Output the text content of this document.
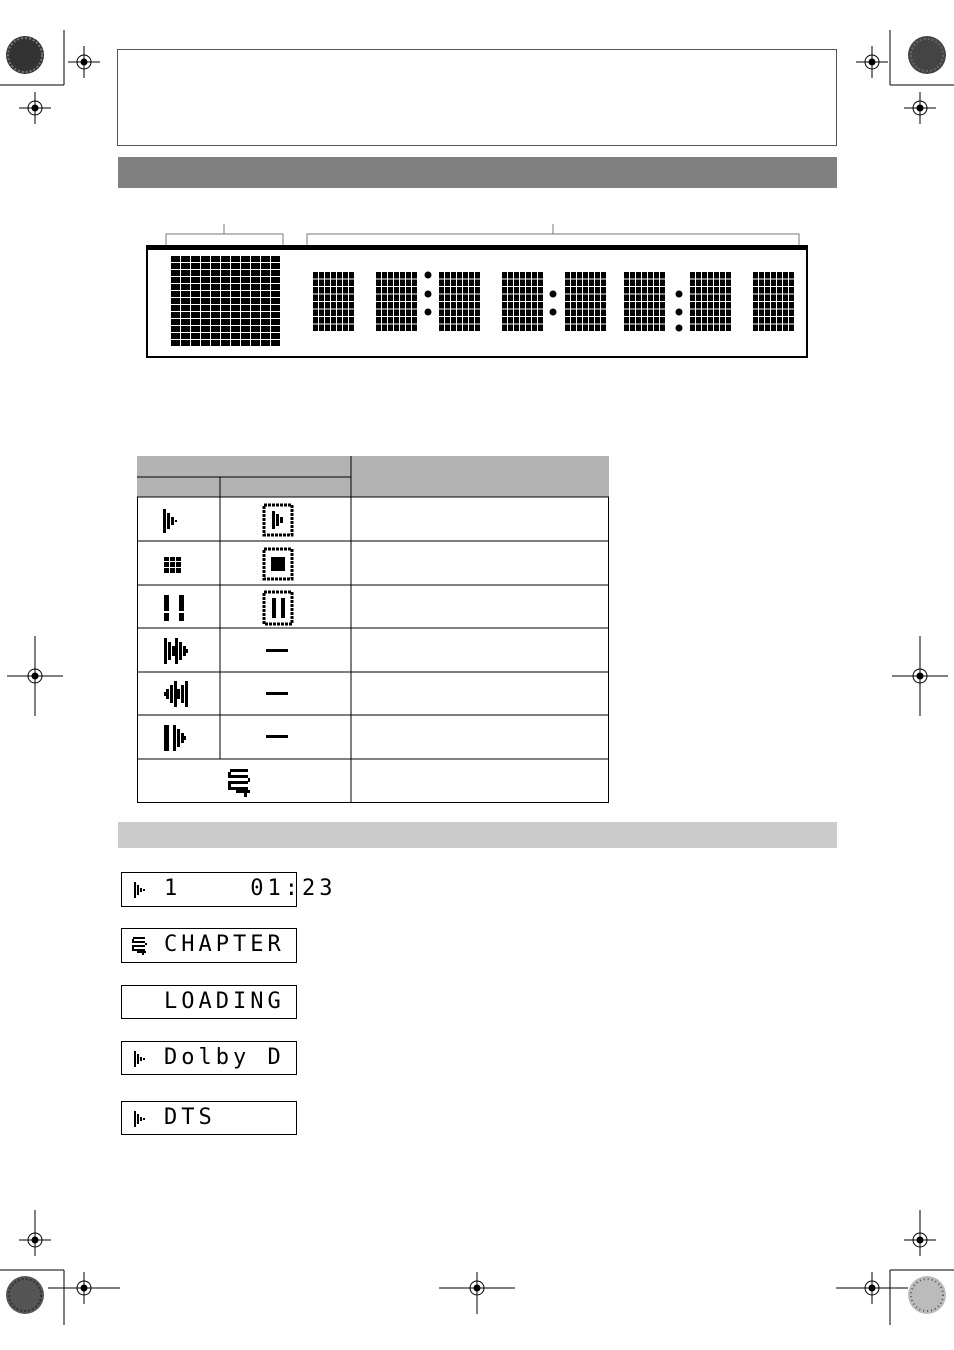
1    01:23
CHAPTER
LOADING
Dolby D
DTS
